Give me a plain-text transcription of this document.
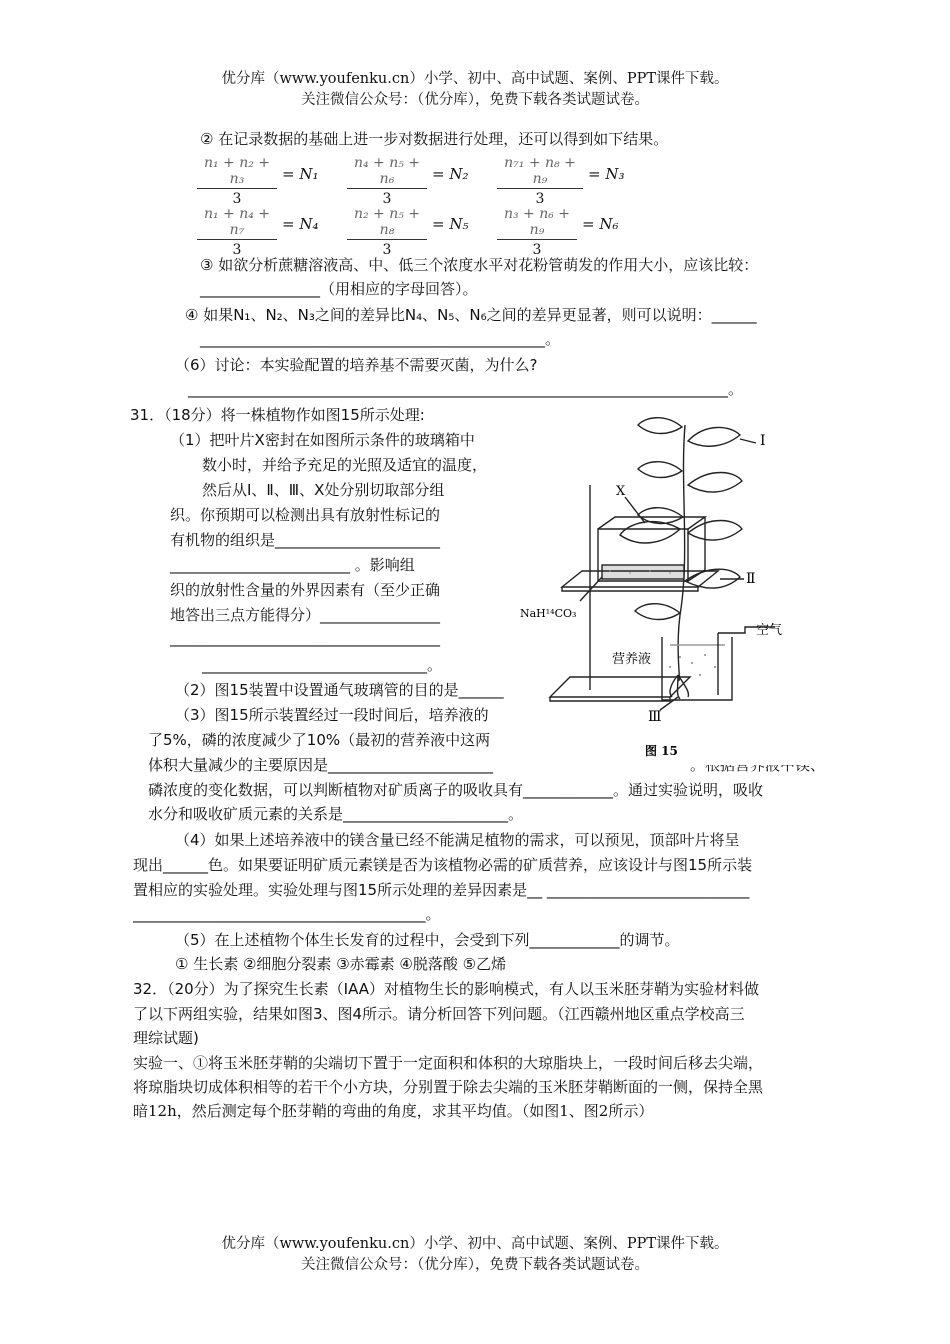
优分库（www.youfenku.cn）小学、初中、高中试题、案例、PPT课件下载。
关注微信公众号：（优分库），免费下载各类试题试卷。
② 在记录数据的基础上进一步对数据进行处理，还可以得到如下结果。
$\frac{\text{n₁ + n₂ + n₃}}{3} = N_1 \frac{\text{n₄ + n₅ + n₆}}{3} = N_2 \frac{\text{n₇₁ + n₈ + n₉}}{3} = N_3$
$\frac{\text{n₁ + n₄ + n₇}}{3} = N_4 \frac{\text{n₂ + n₅ + n₈}}{3} = N_5 \frac{\text{n₃ + n₆ + n₉}}{3} = N_6$
③ 如欲分析蔗糖溶液高、中、低三个浓度水平对花粉管萌发的作用大小，应该比较：
________________（用相应的字母回答）。
④ 如果N₁、N₂、N₃之间的差异比N₄、N₅、N₆之间的差异更显著，则可以说明：______
______________________________________________。
（6）讨论：本实验配置的培养基不需要灭菌，为什么?
________________________________________________________________________。
31．（18分）将一株植物作如图15所示处理:
（1）把叶片X密封在如图所示条件的玻璃箱中
数小时，并给予充足的光照及适宜的温度，
然后从Ⅰ、Ⅱ、Ⅲ、X处分别切取部分组
织。你预期可以检测出具有放射性标记的
有机物的组织是______________________
________________________ 。影响组
织的放射性含量的外界因素有（至少正确
地答出三点方能得分）________________
____________________________________
______________________________。
（2）图15装置中设置通气玻璃管的目的是______	。
（3）图15所示装置经过一段时间后，培养液的	度提高
了5%，磷的浓度减少了10%（最初的营养液中这两	培养液
体积大量减少的主要原因是______________________	。根据营养液中镁、
磷浓度的变化数据，可以判断植物对矿质离子的吸收具有____________。通过实验说明，吸收
水分和吸收矿质元素的关系是______________________。
（4）如果上述培养液中的镁含量已经不能满足植物的需求，可以预见，顶部叶片将呈
现出______色。如果要证明矿质元素镁是否为该植物必需的矿质营养，应该设计与图15所示装
置相应的实验处理。实验处理与图15所示处理的差异因素是__ ___________________________
_______________________________________。
（5）在上述植物个体生长发育的过程中，会受到下列____________的调节。
① 生长素 ②细胞分裂素 ③赤霉素 ④脱落酸 ⑤乙烯
I
Ⅱ
Ⅲ
X
NaH¹⁴CO₃
空气
营养液
图 15
32．（20分）为了探究生长素（IAA）对植物生长的影响模式，有人以玉米胚芽鞘为实验材料做
了以下两组实验，结果如图3、图4所示。请分析回答下列问题。（江西赣州地区重点学校高三
理综试题)
实验一、①将玉米胚芽鞘的尖端切下置于一定面积和体积的大琼脂块上，一段时间后移去尖端，
将琼脂块切成体积相等的若干个小方块，分别置于除去尖端的玉米胚芽鞘断面的一侧，保持全黑
暗12h，然后测定每个胚芽鞘的弯曲的角度，求其平均值。（如图1、图2所示）
优分库（www.youfenku.cn）小学、初中、高中试题、案例、PPT课件下载。
关注微信公众号：（优分库），免费下载各类试题试卷。
